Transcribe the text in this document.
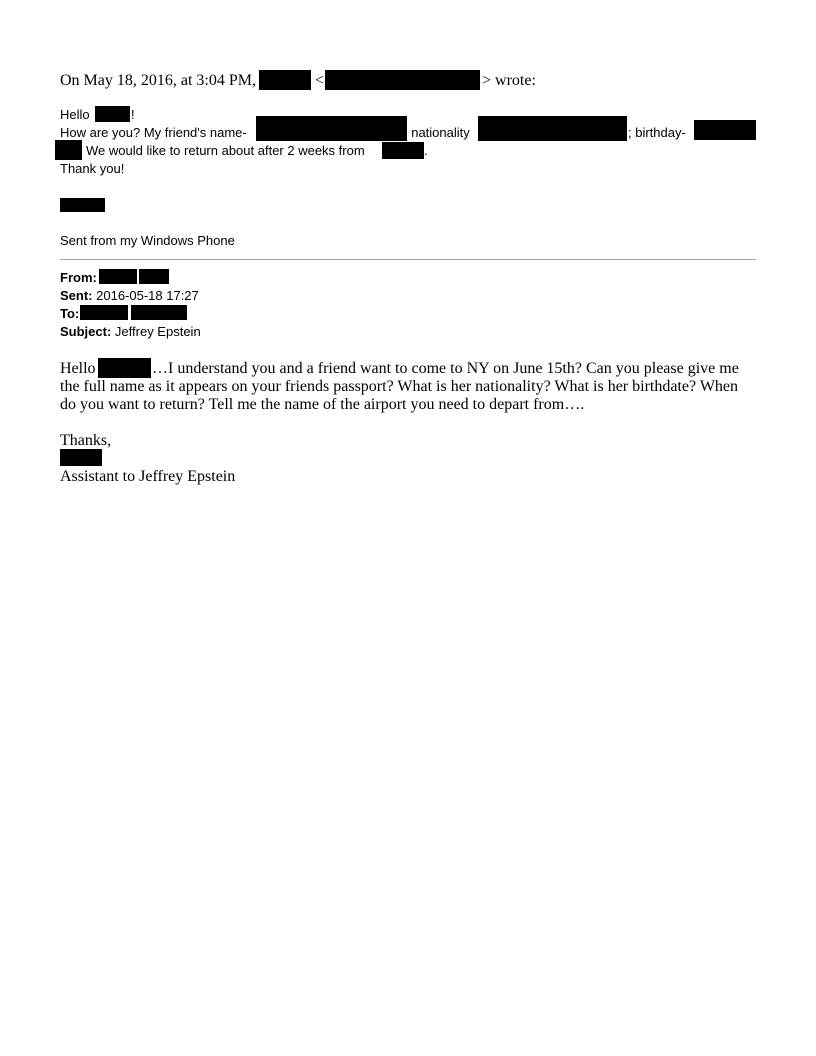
On May 18, 2016, at 3:04 PM,	<	> wrote:
Hello	!
How are you? My friend's name-	; nationality	; birthday-
We would like to return about after 2 weeks from	.
Thank you!
Sent from my Windows Phone
From:
Sent: 2016-05-18 17:27
To:
Subject: Jeffrey Epstein
Hello	…I understand you and a friend want to come to NY on June 15th? Can you please give me
the full name as it appears on your friends passport? What is her nationality? What is her birthdate? When
do you want to return? Tell me the name of the airport you need to depart from….
Thanks,
Assistant to Jeffrey Epstein
